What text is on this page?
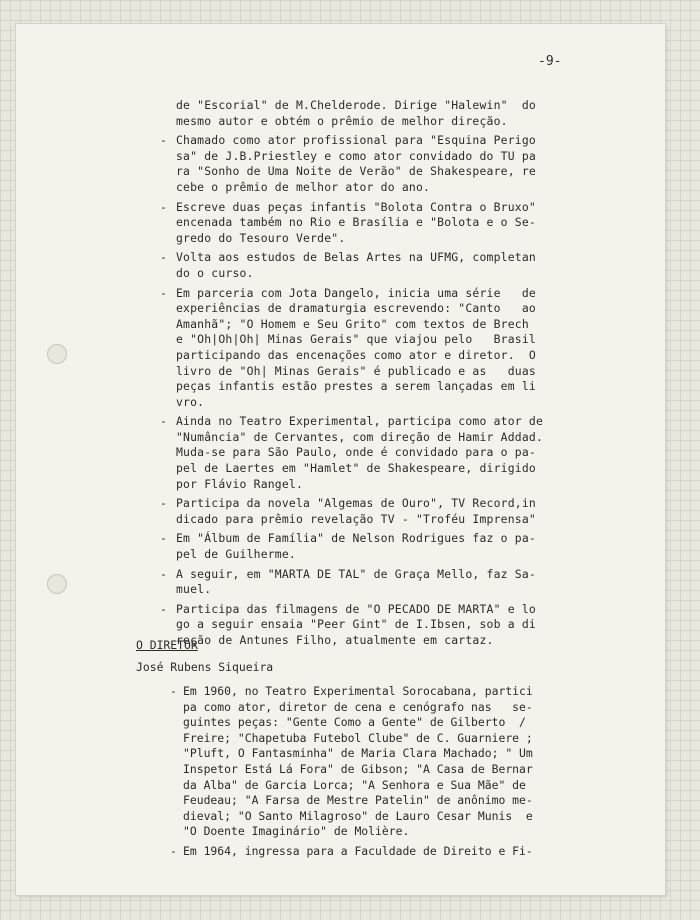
-9-
de "Escorial" de M.Chelderode. Dirige "Halewin"  do
mesmo autor e obtém o prêmio de melhor direção.
- Chamado como ator profissional para "Esquina Perigo
sa" de J.B.Priestley e como ator convidado do TU pa
ra "Sonho de Uma Noite de Verão" de Shakespeare, re
cebe o prêmio de melhor ator do ano.
- Escreve duas peças infantis "Bolota Contra o Bruxo"
encenada também no Rio e Brasília e "Bolota e o Se-
gredo do Tesouro Verde".
- Volta aos estudos de Belas Artes na UFMG, completan
do o curso.
- Em parceria com Jota Dangelo, inicia uma série   de
experiências de dramaturgia escrevendo: "Canto   ao
Amanhã"; "O Homem e Seu Grito" com textos de Brech
e "Oh|Oh|Oh| Minas Gerais" que viajou pelo   Brasil
participando das encenações como ator e diretor.  O
livro de "Oh| Minas Gerais" é publicado e as   duas
peças infantis estão prestes a serem lançadas em li
vro.
- Ainda no Teatro Experimental, participa como ator de
"Numância" de Cervantes, com direção de Hamir Addad.
Muda-se para São Paulo, onde é convidado para o pa-
pel de Laertes em "Hamlet" de Shakespeare, dirigido
por Flávio Rangel.
- Participa da novela "Algemas de Ouro", TV Record,in
dicado para prêmio revelação TV - "Troféu Imprensa"
- Em "Álbum de Família" de Nelson Rodrigues faz o pa-
pel de Guilherme.
- A seguir, em "MARTA DE TAL" de Graça Mello, faz Sa-
muel.
- Participa das filmagens de "O PECADO DE MARTA" e lo
go a seguir ensaia "Peer Gint" de I.Ibsen, sob a di
reção de Antunes Filho, atualmente em cartaz.
O DIRETOR
José Rubens Siqueira
- Em 1960, no Teatro Experimental Sorocabana, partici
pa como ator, diretor de cena e cenógrafo nas   se-
guintes peças: "Gente Como a Gente" de Gilberto  /
Freire; "Chapetuba Futebol Clube" de C. Guarniere ;
"Pluft, O Fantasminha" de Maria Clara Machado; " Um
Inspetor Está Lá Fora" de Gibson; "A Casa de Bernar
da Alba" de Garcia Lorca; "A Senhora e Sua Mãe" de
Feudeau; "A Farsa de Mestre Patelin" de anônimo me-
dieval; "O Santo Milagroso" de Lauro Cesar Munis  e
"O Doente Imaginário" de Molière.
- Em 1964, ingressa para a Faculdade de Direito e Fi-
